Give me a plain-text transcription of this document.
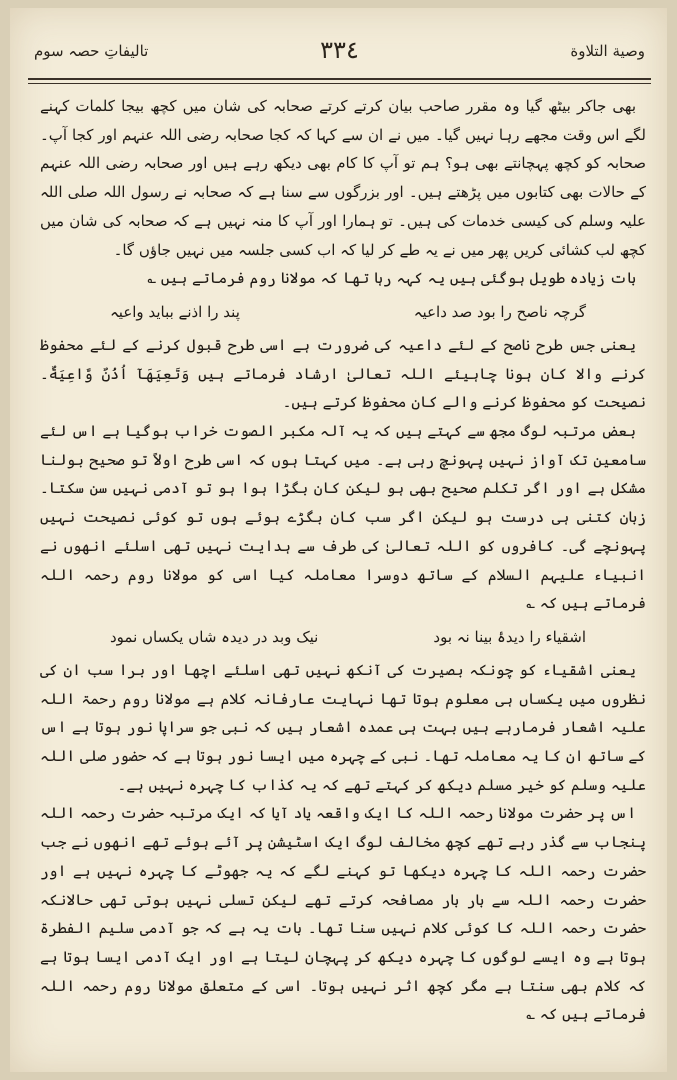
وصية التلاوة
٣٣٤
تالیفاتِ حصہ سوم

بھی جاکر بیٹھ گیا وہ مقرر صاحب بیان کرتے کرتے صحابہ کی شان میں کچھ بیجا کلمات کہنے لگے اس وقت مجھے رہا نہیں گیا۔ میں نے ان سے کہا کہ کجا صحابہ رضی اللہ عنہم اور کجا آپ۔ صحابہ کو کچھ پہچانتے بھی ہو؟ ہم تو آپ کا کام بھی دیکھ رہے ہیں اور صحابہ رضی اللہ عنہم کے حالات بھی کتابوں میں پڑھتے ہیں۔ اور بزرگوں سے سنا ہے کہ صحابہ نے رسول اللہ صلی اللہ علیہ وسلم کی کیسی خدمات کی ہیں۔ تو ہمارا اور آپ کا منہ نہیں ہے کہ صحابہ کی شان میں کچھ لب کشائی کریں پھر میں نے یہ طے کر لیا کہ اب کسی جلسہ میں نہیں جاؤں گا۔

بات زیادہ طویل ہوگئی ہیں یہ کہہ رہا تھا کہ مولانا روم فرماتے ہیں ؎

گرچہ ناصح را بود صد داعیہ
پند را اذنے بباید واعیہ

یعنی جس طرح ناصح کے لئے داعیہ کی ضرورت ہے اسی طرح قبول کرنے کے لئے محفوظ کرنے والا کان ہونا چاہیئے اللہ تعالیٰ ارشاد فرماتے ہیں وَتَعِیَهَآ اُذُنٌ وَّاعِیَةٌ۔ نصیحت کو محفوظ کرنے والے کان محفوظ کرتے ہیں۔

بعض مرتبہ لوگ مجھ سے کہتے ہیں کہ یہ آلہ مکبر الصوت خراب ہوگیا ہے اس لئے سامعین تک آواز نہیں پہونچ رہی ہے۔ میں کہتا ہوں کہ اسی طرح اولاً تو صحیح بولنا مشکل ہے اور اگر تکلم صحیح بھی ہو لیکن کان بگڑا ہوا ہو تو آدمی نہیں سن سکتا۔ زبان کتنی ہی درست ہو لیکن اگر سب کان بگڑے ہوئے ہوں تو کوئی نصیحت نہیں پہونچے گی۔ کافروں کو اللہ تعالیٰ کی طرف سے ہدایت نہیں تھی اسلئے انھوں نے انبیاء علیہم السلام کے ساتھ دوسرا معاملہ کیا اسی کو مولانا روم رحمہ اللہ فرماتے ہیں کہ ؎

اشقیاء را دیدۂ بینا نہ بود
نیک وبد در دیدہ شاں یکساں نمود

یعنی اشقیاء کو چونکہ بصیرت کی آنکھ نہیں تھی اسلئے اچھا اور برا سب ان کی نظروں میں یکساں ہی معلوم ہوتا تھا نہایت عارفانہ کلام ہے مولانا روم رحمۃ اللہ علیہ اشعار فرمارہے ہیں بہت ہی عمدہ اشعار ہیں کہ نبی جو سراپا نور ہوتا ہے اس کے ساتھ ان کا یہ معاملہ تھا۔ نبی کے چہرہ میں ایسا نور ہوتا ہے کہ حضور صلی اللہ علیہ وسلم کو خیر مسلم دیکھ کر کہتے تھے کہ یہ کذاب کا چہرہ نہیں ہے۔

اس پر حضرت مولانا رحمہ اللہ کا ایک واقعہ یاد آیا کہ ایک مرتبہ حضرت رحمہ اللہ پنجاب سے گذر رہے تھے کچھ مخالف لوگ ایک اسٹیشن پر آئے ہوئے تھے انھوں نے جب حضرت رحمہ اللہ کا چہرہ دیکھا تو کہنے لگے کہ یہ جھوٹے کا چہرہ نہیں ہے اور حضرت رحمہ اللہ سے بار بار مصافحہ کرتے تھے لیکن تسلی نہیں ہوتی تھی حالانکہ حضرت رحمہ اللہ کا کوئی کلام نہیں سنا تھا۔ بات یہ ہے کہ جو آدمی سلیم الفطرۃ ہوتا ہے وہ ایسے لوگوں کا چہرہ دیکھ کر پہچان لیتا ہے اور ایک آدمی ایسا ہوتا ہے کہ کلام بھی سنتا ہے مگر کچھ اثر نہیں ہوتا۔ اسی کے متعلق مولانا روم رحمہ اللہ فرماتے ہیں کہ ؎
